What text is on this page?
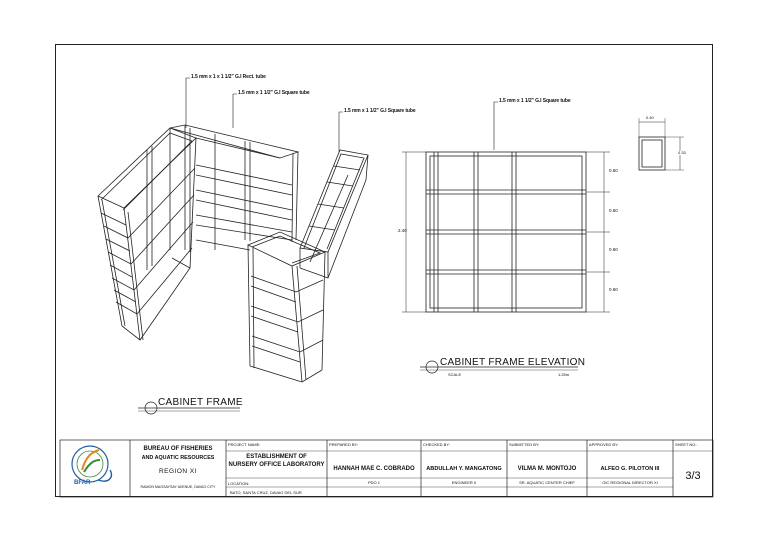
1.5 mm x 1 x 1 1/2" G.I Rect. tube
1.5 mm x 1 1/2" G.I Square tube
1.5 mm x 1 1/2" G.I Square tube
1.5 mm x 1 1/2" G.I Square tube
2.40
0.60
0.60
0.60
0.60
0.40
0.33
CABINET FRAME
CABINET FRAME ELEVATION
SCALE	1:25m
BFAR
BUREAU OF FISHERIES
AND AQUATIC RESOURCES
REGION XI
RAMON MAGSAYSAY AVENUE, DAVAO CITY
PROJECT NAME:
ESTABLISHMENT OF
NURSERY OFFICE LABORATORY
LOCATION:
BATO, SANTA CRUZ, DAVAO DEL SUR
PREPARED BY:
HANNAH MAE C. COBRADO
PDO 1
CHECKED BY:
ABDULLAH Y. MANGATONG
ENGINEER II
SUBMITTED BY:
VILMA M. MONTOJO
SR. AQUATIC CENTER CHIEF
APPROVED BY:
ALFEO G. PILOTON III
OIC REGIONAL DIRECTOR XI
SHEET NO.:
3/3
